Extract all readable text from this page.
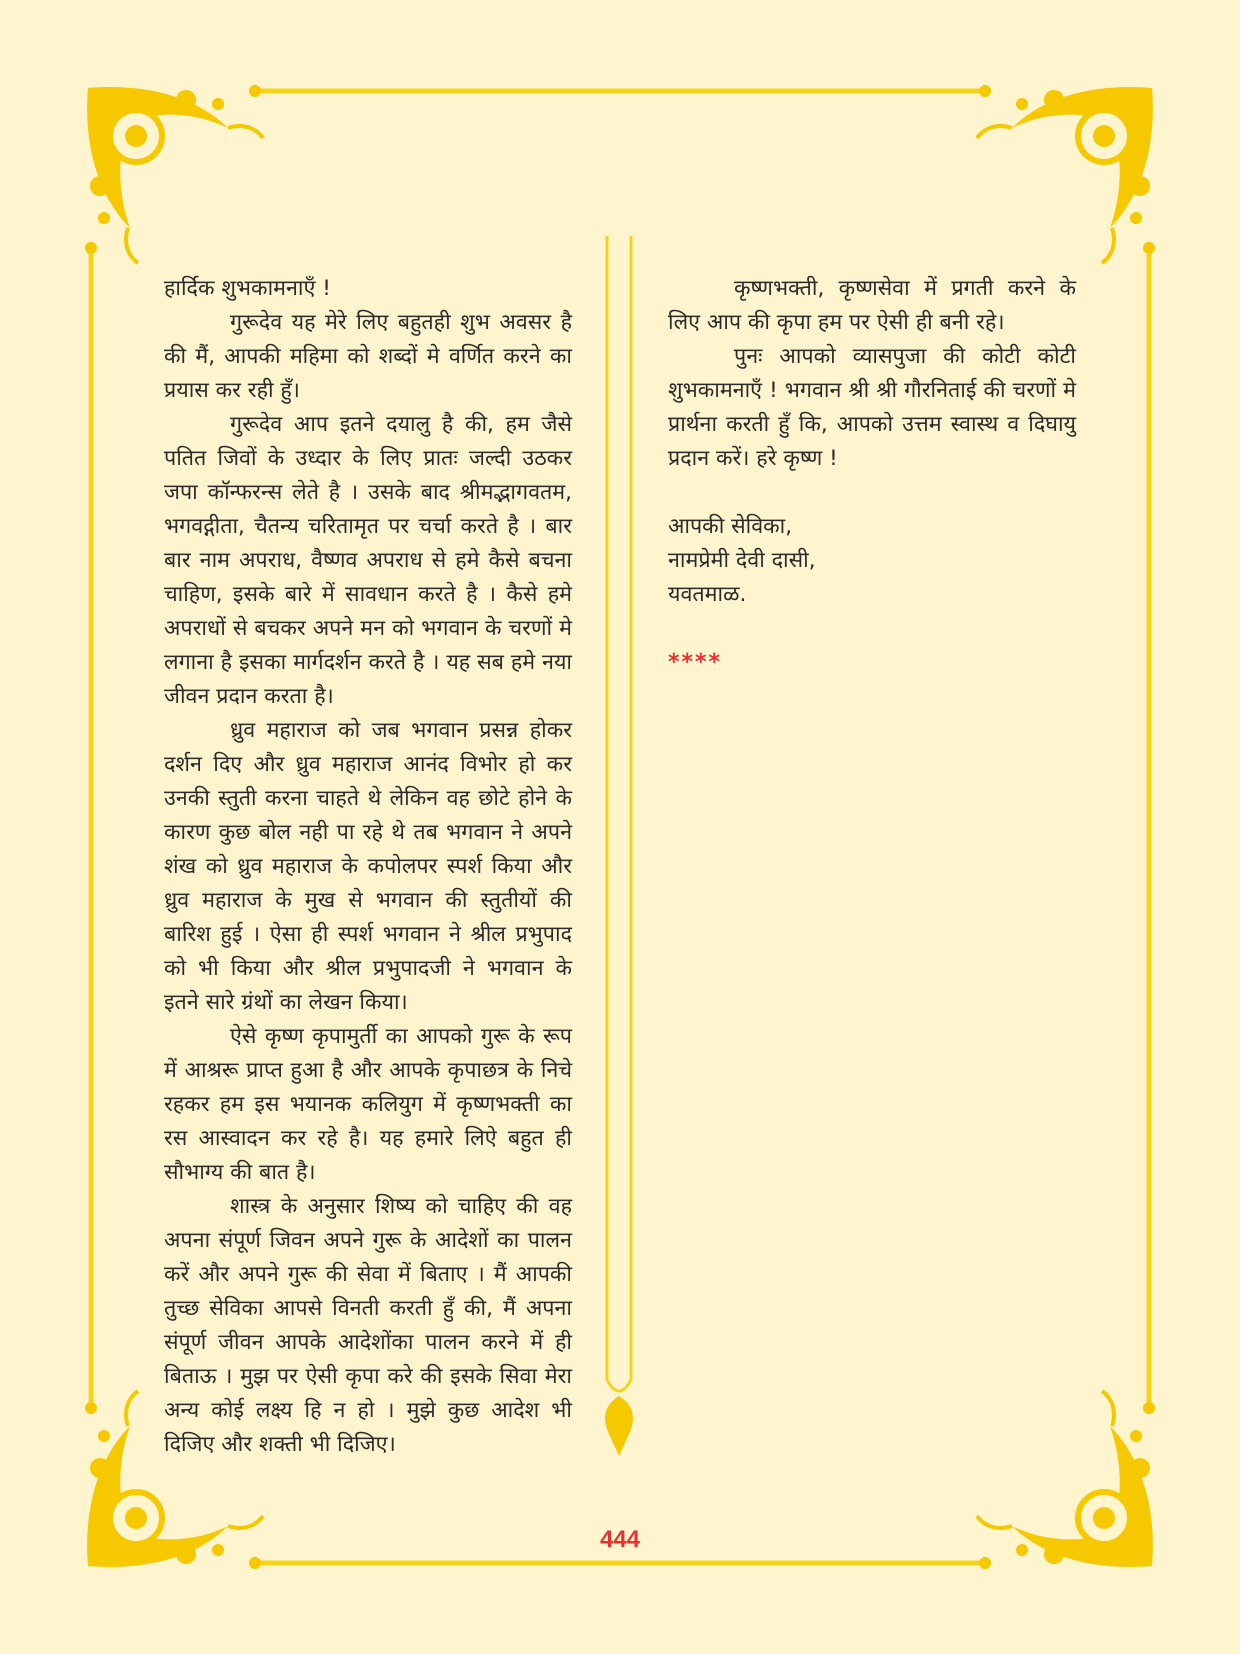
हार्दिक शुभकामनाएँ !

गुरूदेव यह मेरे लिए बहुतही शुभ अवसर है की मैं, आपकी महिमा को शब्दों मे वर्णित करने का प्रयास कर रही हुँ।

गुरूदेव आप इतने दयालु है की, हम जैसे पतित जिवों के उध्दार के लिए प्रातः जल्दी उठकर जपा कॉन्फरन्स लेते है । उसके बाद श्रीमद्भागवतम, भगवद्गीता, चैतन्य चरितामृत पर चर्चा करते है । बार बार नाम अपराध, वैष्णव अपराध से हमे कैसे बचना चाहिण, इसके बारे में सावधान करते है । कैसे हमे अपराधों से बचकर अपने मन को भगवान के चरणों मे लगाना है इसका मार्गदर्शन करते है । यह सब हमे नया जीवन प्रदान करता है।

ध्रुव महाराज को जब भगवान प्रसन्न होकर दर्शन दिए और ध्रुव महाराज आनंद विभोर हो कर उनकी स्तुती करना चाहते थे लेकिन वह छोटे होने के कारण कुछ बोल नही पा रहे थे तब भगवान ने अपने शंख को ध्रुव महाराज के कपोलपर स्पर्श किया और ध्रुव महाराज के मुख से भगवान की स्तुतीयों की बारिश हुई । ऐसा ही स्पर्श भगवान ने श्रील प्रभुपाद को भी किया और श्रील प्रभुपादजी ने भगवान के इतने सारे ग्रंथों का लेखन किया।

ऐसे कृष्ण कृपामुर्ती का आपको गुरू के रूप में आश्ररू प्राप्त हुआ है और आपके कृपाछत्र के निचे रहकर हम इस भयानक कलियुग में कृष्णभक्ती का रस आस्वादन कर रहे है। यह हमारे लिऐ बहुत ही सौभाग्य की बात है।

शास्त्र के अनुसार शिष्य को चाहिए की वह अपना संपूर्ण जिवन अपने गुरू के आदेशों का पालन करें और अपने गुरू की सेवा में बिताए । मैं आपकी तुच्छ सेविका आपसे विनती करती हुँ की, मैं अपना संपूर्ण जीवन आपके आदेशोंका पालन करने में ही बिताऊ । मुझ पर ऐसी कृपा करे की इसके सिवा मेरा अन्य कोई लक्ष्य हि न हो । मुझे कुछ आदेश भी दिजिए और शक्ती भी दिजिए।

कृष्णभक्ती, कृष्णसेवा में प्रगती करने के लिए आप की कृपा हम पर ऐसी ही बनी रहे।

पुनः आपको व्यासपुजा की कोटी कोटी शुभकामनाएँ ! भगवान श्री श्री गौरनिताई की चरणों मे प्रार्थना करती हुँ कि, आपको उत्तम स्वास्थ व दिघायु प्रदान करें। हरे कृष्ण !

आपकी सेविका,

नामप्रेमी देवी दासी,

यवतमाळ.

****
444
